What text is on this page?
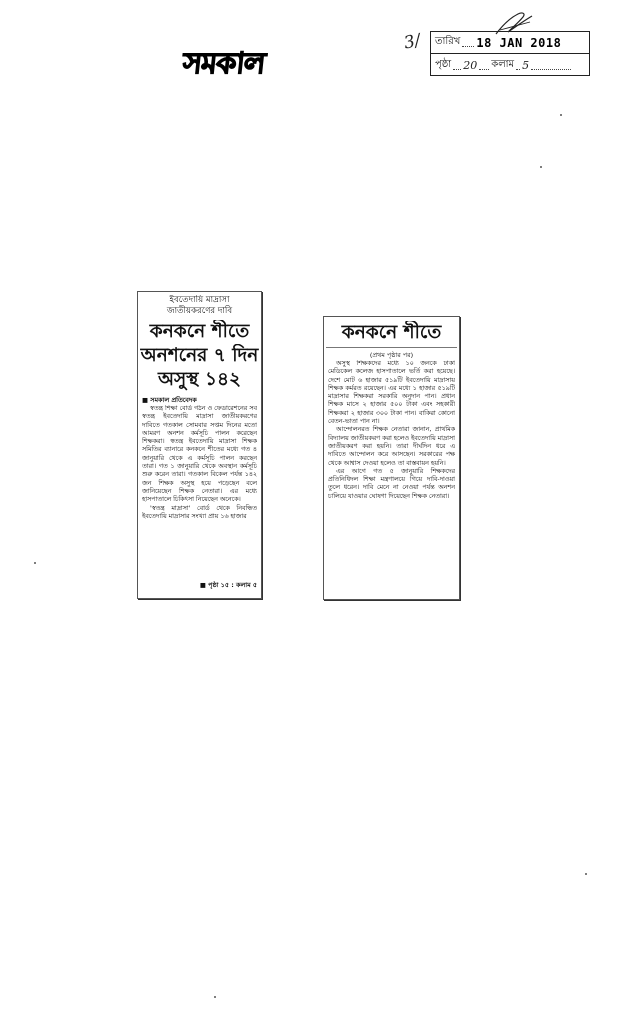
সমকাল
3/ তারিখ 18 JAN 2018
পৃষ্ঠা 20 কলাম 5
ইবতেদায়ি মাদ্রাসা
জাতীয়করণের দাবি
কনকনে শীতে
অনশনের ৭ দিন
অসুস্থ ১৪২
■ সমকাল প্রতিবেদক

স্বতন্ত্র শিক্ষা বোর্ড গঠন ও ফেডারেশনের সব স্বতন্ত্র ইবতেদায়ি মাদ্রাসা জাতীয়করণের দাবিতে গতকাল সোমবার সপ্তম দিনের মতো আমরণ অনশন কর্মসূচি পালন করেছেন শিক্ষকরা। স্বতন্ত্র ইবতেদায়ি মাদ্রাসা শিক্ষক সমিতির ব্যানারে কনকনে শীতের মধ্যে গত ৪ জানুয়ারি থেকে এ কর্মসূচি পালন করছেন তারা। গত ১ জানুয়ারি থেকে অবস্থান কর্মসূচি শুরু করেন তারা। গতকাল বিকেল পর্যন্ত ১৪২ জন শিক্ষক অসুস্থ হয়ে পড়েছেন বলে জানিয়েছেন শিক্ষক নেতারা। এর মধ্যে হাসপাতালে চিকিৎসা নিয়েছেন অনেকে।

'স্বতন্ত্র মাদ্রাসা' বোর্ড থেকে নিবন্ধিত ইবতেদায়ি মাদ্রাসার সংখ্যা প্রায় ১৬ হাজার

■ পৃষ্ঠা ১৫ : কলাম ৫
কনকনে শীতে
(প্রথম পৃষ্ঠার পর)

অসুস্থ শিক্ষকদের মধ্যে ১০ জনকে ঢাকা মেডিকেল কলেজ হাসপাতালে ভর্তি করা হয়েছে। দেশে মোট ৬ হাজার ৫১৯টি ইবতেদায়ি মাদ্রাসায় শিক্ষক কর্মরত রয়েছেন। এর মধ্যে ১ হাজার ৫১৯টি মাদ্রাসার শিক্ষকরা সরকারি অনুদান পান। প্রধান শিক্ষক মাসে ২ হাজার ৫০০ টাকা এবং সহকারী শিক্ষকরা ২ হাজার ৩০০ টাকা পান। বাকিরা কোনো বেতন-ভাতা পান না।

আন্দোলনরত শিক্ষক নেতারা জানান, প্রাথমিক বিদ্যালয় জাতীয়করণ করা হলেও ইবতেদায়ি মাদ্রাসা জাতীয়করণ করা হয়নি। তারা দীর্ঘদিন ধরে এ দাবিতে আন্দোলন করে আসছেন। সরকারের পক্ষ থেকে আশ্বাস দেওয়া হলেও তা বাস্তবায়ন হয়নি।

এর আগে গত ৫ জানুয়ারি শিক্ষকদের প্রতিনিধিদল শিক্ষা মন্ত্রণালয়ে গিয়ে দাবি-দাওয়া তুলে ধরেন। দাবি মেনে না নেওয়া পর্যন্ত অনশন চালিয়ে যাওয়ার ঘোষণা দিয়েছেন শিক্ষক নেতারা।
